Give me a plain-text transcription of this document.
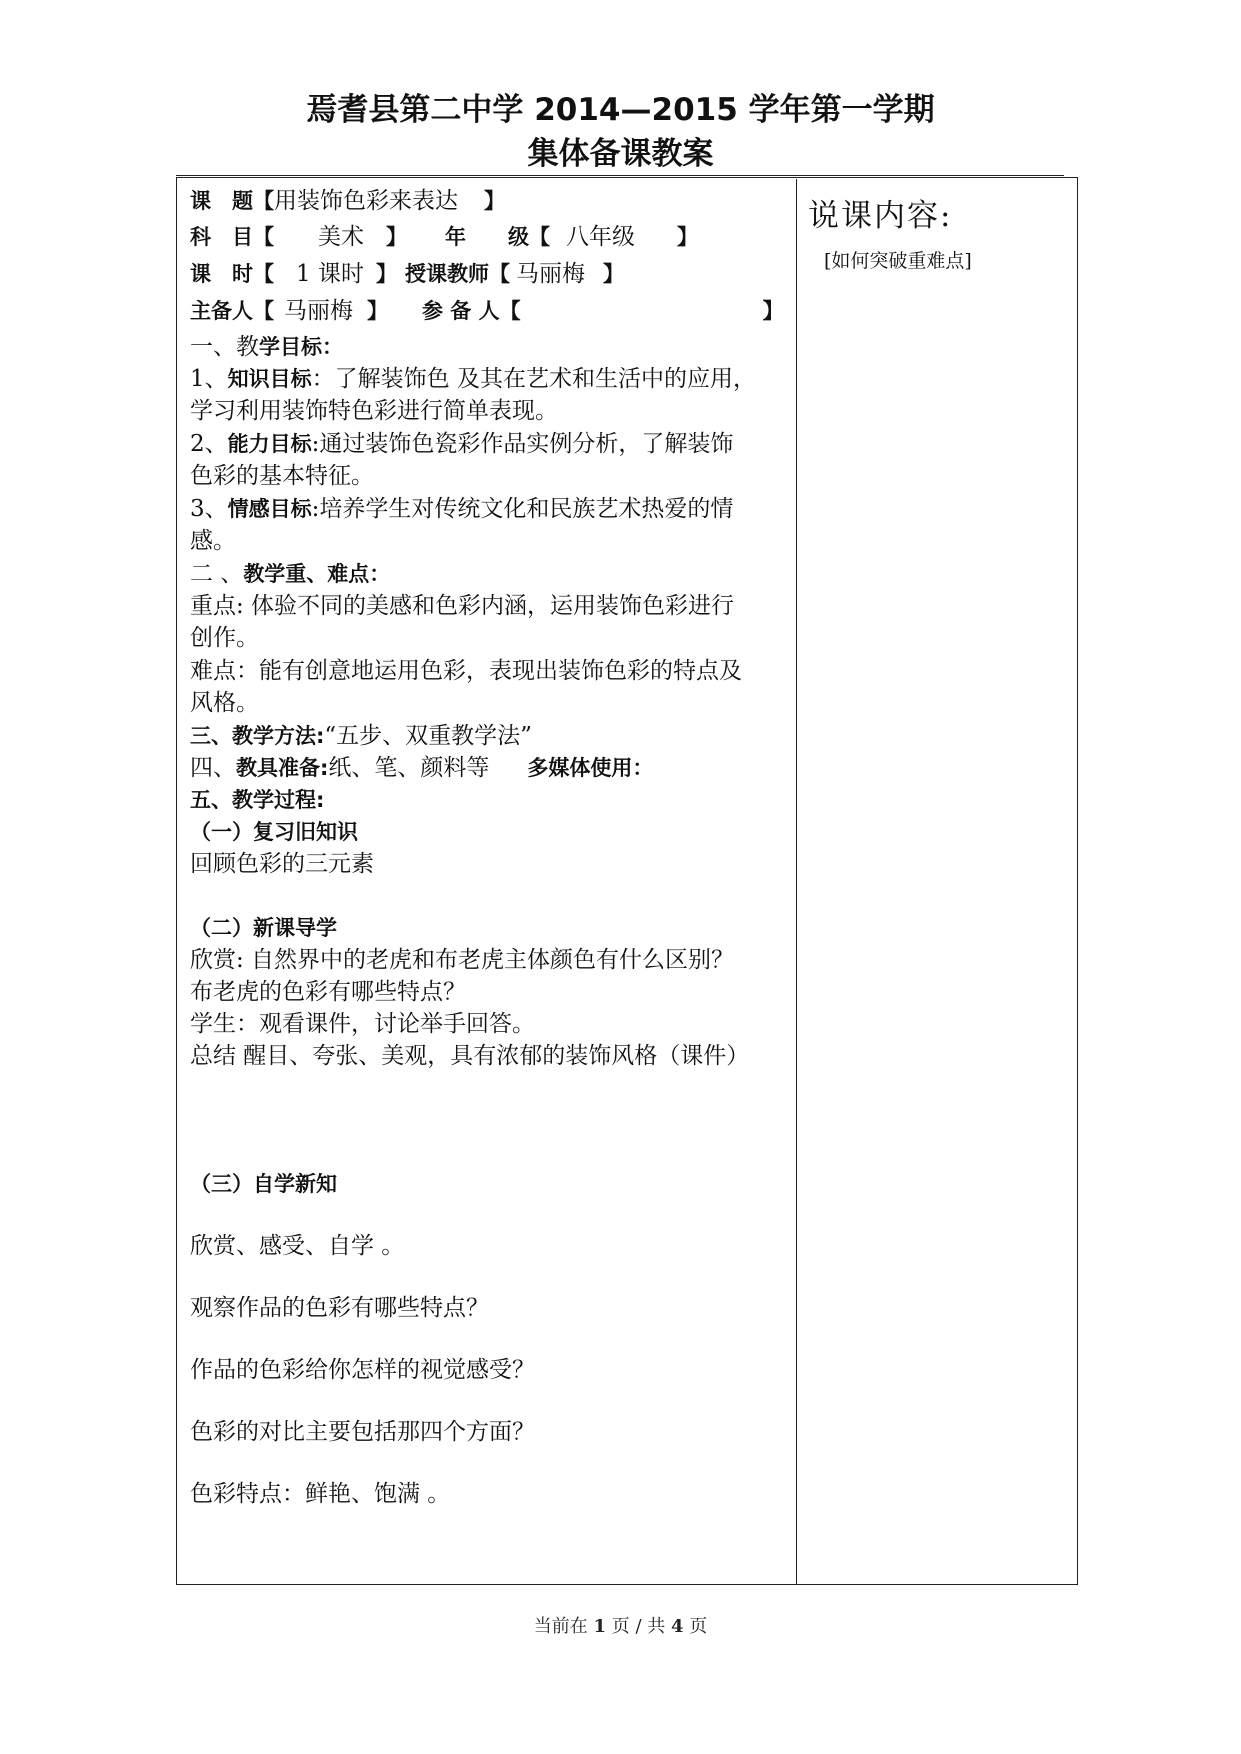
焉耆县第二中学 2014—2015 学年第一学期
集体备课教案
课　题【用装饰色彩来表达 】
科　目【 美术 】 年　　级【 八年级 】
课　时【 1 课时 】 授课教师【 马丽梅 】
主备人【 马丽梅 】 参 备 人【	】
一、教学目标：
1、知识目标：了解装饰色 及其在艺术和生活中的应用，
学习利用装饰特色彩进行简单表现。
2、能力目标:通过装饰色瓷彩作品实例分析，了解装饰
色彩的基本特征。
3、情感目标:培养学生对传统文化和民族艺术热爱的情
感。
二 、教学重、难点：
重点: 体验不同的美感和色彩内涵，运用装饰色彩进行
创作。
难点：能有创意地运用色彩，表现出装饰色彩的特点及
风格。
三、教学方法:“五步、双重教学法”
四、教具准备:纸、笔、颜料等 多媒体使用：
五、教学过程:
（一）复习旧知识
回顾色彩的三元素
（二）新课导学
欣赏: 自然界中的老虎和布老虎主体颜色有什么区别？
布老虎的色彩有哪些特点？
学生：观看课件，讨论举手回答。
总结 醒目、夸张、美观，具有浓郁的装饰风格（课件）
（三）自学新知
欣赏、感受、自学 。
观察作品的色彩有哪些特点？
作品的色彩给你怎样的视觉感受？
色彩的对比主要包括那四个方面？
色彩特点：鲜艳、饱满 。
说课内容:
[如何突破重难点]
当前在 1 页 / 共 4 页
